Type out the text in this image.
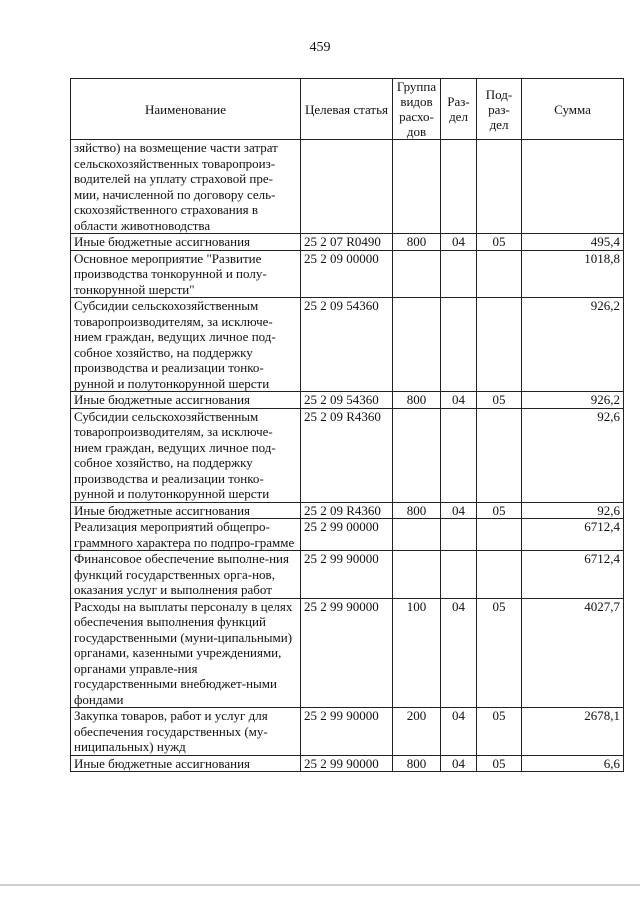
459
Наименование	Целевая статья	Группа видов расхо-дов	Раз-дел	Под-раз-дел	Сумма
зяйство) на возмещение части затрат сельскохозяйственных товаропроиз-водителей на уплату страховой пре-мии, начисленной по договору сель-скохозяйственного страхования в области животноводства					
Иные бюджетные ассигнования	25 2 07 R0490	800	04	05	495,4
Основное мероприятие "Развитие производства тонкорунной и полу-тонкорунной шерсти"	25 2 09 00000				1018,8
Субсидии сельскохозяйственным товаропроизводителям, за исключе-нием граждан, ведущих личное под-собное хозяйство, на поддержку производства и реализации тонко-рунной и полутонкорунной шерсти	25 2 09 54360				926,2
Иные бюджетные ассигнования	25 2 09 54360	800	04	05	926,2
Субсидии сельскохозяйственным товаропроизводителям, за исключе-нием граждан, ведущих личное под-собное хозяйство, на поддержку производства и реализации тонко-рунной и полутонкорунной шерсти	25 2 09 R4360				92,6
Иные бюджетные ассигнования	25 2 09 R4360	800	04	05	92,6
Реализация мероприятий общепро-граммного характера по подпро-грамме	25 2 99 00000				6712,4
Финансовое обеспечение выполне-ния функций государственных орга-нов, оказания услуг и выполнения работ	25 2 99 90000				6712,4
Расходы на выплаты персоналу в целях обеспечения выполнения функций государственными (муни-ципальными) органами, казенными учреждениями, органами управле-ния государственными внебюджет-ными фондами	25 2 99 90000	100	04	05	4027,7
Закупка товаров, работ и услуг для обеспечения государственных (му-ниципальных) нужд	25 2 99 90000	200	04	05	2678,1
Иные бюджетные ассигнования	25 2 99 90000	800	04	05	6,6
